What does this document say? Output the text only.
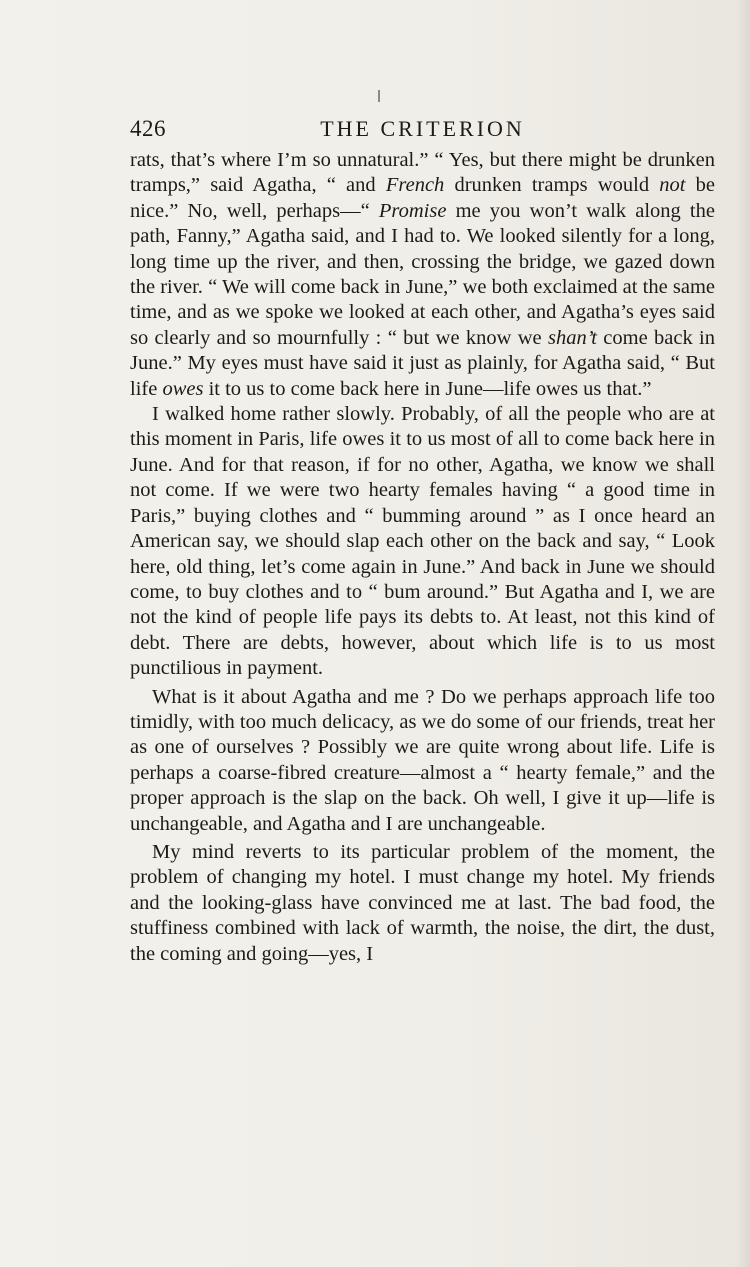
426	THE CRITERION

rats, that’s where I’m so unnatural.” “ Yes, but there might be drunken tramps,” said Agatha, “ and French drunken tramps would not be nice.” No, well, perhaps—“ Promise me you won’t walk along the path, Fanny,” Agatha said, and I had to. We looked silently for a long, long time up the river, and then, crossing the bridge, we gazed down the river. “ We will come back in June,” we both exclaimed at the same time, and as we spoke we looked at each other, and Agatha’s eyes said so clearly and so mournfully : “ but we know we shan’t come back in June.” My eyes must have said it just as plainly, for Agatha said, “ But life owes it to us to come back here in June—life owes us that.”

I walked home rather slowly. Probably, of all the people who are at this moment in Paris, life owes it to us most of all to come back here in June. And for that reason, if for no other, Agatha, we know we shall not come. If we were two hearty females having “ a good time in Paris,” buying clothes and “ bumming around ” as I once heard an American say, we should slap each other on the back and say, “ Look here, old thing, let’s come again in June.” And back in June we should come, to buy clothes and to “ bum around.” But Agatha and I, we are not the kind of people life pays its debts to. At least, not this kind of debt. There are debts, however, about which life is to us most punctilious in payment.

What is it about Agatha and me ? Do we perhaps approach life too timidly, with too much delicacy, as we do some of our friends, treat her as one of ourselves ? Possibly we are quite wrong about life. Life is perhaps a coarse-fibred creature—almost a “ hearty female,” and the proper approach is the slap on the back. Oh well, I give it up—life is unchangeable, and Agatha and I are unchangeable.

My mind reverts to its particular problem of the moment, the problem of changing my hotel. I must change my hotel. My friends and the looking-glass have convinced me at last. The bad food, the stuffiness combined with lack of warmth, the noise, the dirt, the dust, the coming and going—yes, I
